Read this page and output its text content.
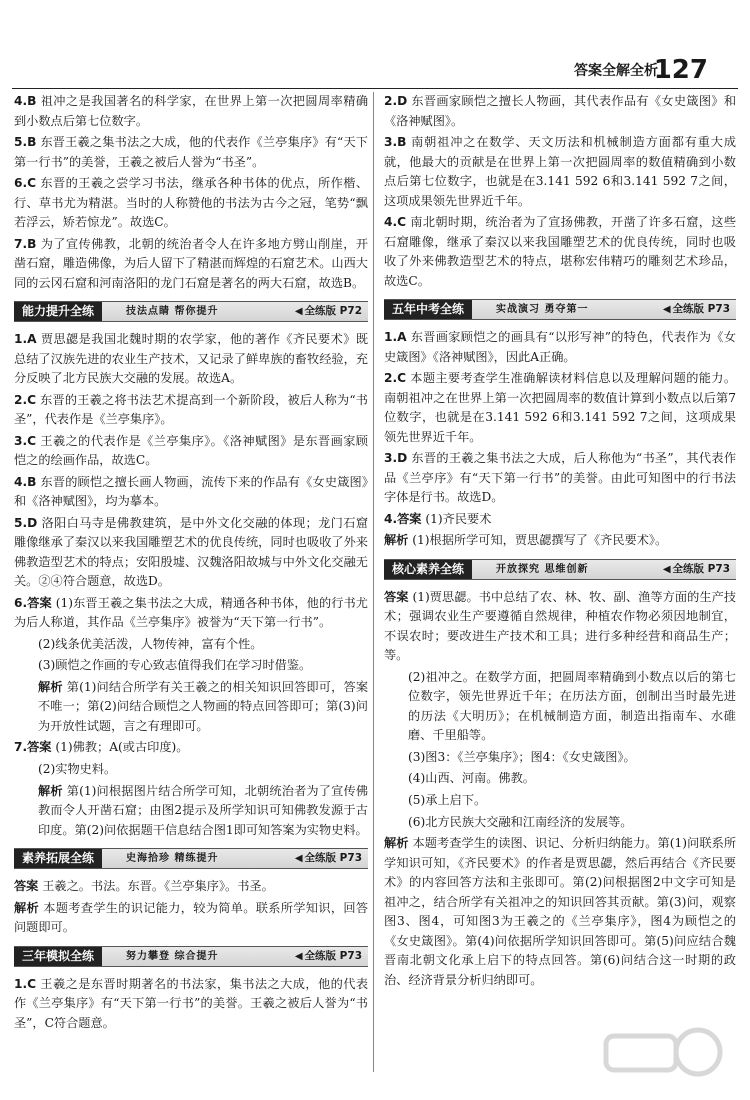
答案全解全析
127
4.B 祖冲之是我国著名的科学家，在世界上第一次把圆周率精确到小数点后第七位数字。
5.B 东晋王羲之集书法之大成，他的代表作《兰亭集序》有“天下第一行书”的美誉，王羲之被后人誉为“书圣”。
6.C 东晋的王羲之尝学习书法，继承各种书体的优点，所作楷、行、草书尤为精湛。当时的人称赞他的书法为古今之冠，笔势“飘若浮云，矫若惊龙”。故选C。
7.B 为了宣传佛教，北朝的统治者令人在许多地方劈山削崖，开凿石窟，雕造佛像，为后人留下了精湛而辉煌的石窟艺术。山西大同的云冈石窟和河南洛阳的龙门石窟是著名的两大石窟，故选B。
能力提升全练	技法点睛 帮你提升	◀ 全练版 P72
1.A 贾思勰是我国北魏时期的农学家，他的著作《齐民要术》既总结了汉族先进的农业生产技术，又记录了鲜卑族的畜牧经验，充分反映了北方民族大交融的发展。故选A。
2.C 东晋的王羲之将书法艺术提高到一个新阶段，被后人称为“书圣”，代表作是《兰亭集序》。
3.C 王羲之的代表作是《兰亭集序》。《洛神赋图》是东晋画家顾恺之的绘画作品，故选C。
4.B 东晋的顾恺之擅长画人物画，流传下来的作品有《女史箴图》和《洛神赋图》，均为摹本。
5.D 洛阳白马寺是佛教建筑，是中外文化交融的体现；龙门石窟雕像继承了秦汉以来我国雕塑艺术的优良传统，同时也吸收了外来佛教造型艺术的特点；安阳殷墟、汉魏洛阳故城与中外文化交融无关。②④符合题意，故选D。
6.答案 (1)东晋王羲之集书法之大成，精通各种书体，他的行书尤为后人称道，其作品《兰亭集序》被誉为“天下第一行书”。
(2)线条优美活泼，人物传神，富有个性。
(3)顾恺之作画的专心致志值得我们在学习时借鉴。
解析 第(1)问结合所学有关王羲之的相关知识回答即可，答案不唯一；第(2)问结合顾恺之人物画的特点回答即可；第(3)问为开放性试题，言之有理即可。
7.答案 (1)佛教；A(或古印度)。
(2)实物史料。
解析 第(1)问根据图片结合所学可知，北朝统治者为了宣传佛教而令人开凿石窟；由图2提示及所学知识可知佛教发源于古印度。第(2)问依据题干信息结合图1即可知答案为实物史料。
素养拓展全练	史海拾珍 精练提升	◀ 全练版 P73
答案 王羲之。书法。东晋。《兰亭集序》。书圣。
解析 本题考查学生的识记能力，较为简单。联系所学知识，回答问题即可。
三年模拟全练	努力攀登 综合提升	◀ 全练版 P73
1.C 王羲之是东晋时期著名的书法家，集书法之大成，他的代表作《兰亭集序》有“天下第一行书”的美誉。王羲之被后人誉为“书圣”，C符合题意。
2.D 东晋画家顾恺之擅长人物画，其代表作品有《女史箴图》和《洛神赋图》。
3.B 南朝祖冲之在数学、天文历法和机械制造方面都有重大成就，他最大的贡献是在世界上第一次把圆周率的数值精确到小数点后第七位数字，也就是在3.141 592 6和3.141 592 7之间，这项成果领先世界近千年。
4.C 南北朝时期，统治者为了宣扬佛教，开凿了许多石窟，这些石窟雕像，继承了秦汉以来我国雕塑艺术的优良传统，同时也吸收了外来佛教造型艺术的特点，堪称宏伟精巧的雕刻艺术珍品，故选C。
五年中考全练	实战演习 勇夺第一	◀ 全练版 P73
1.A 东晋画家顾恺之的画具有“以形写神”的特色，代表作为《女史箴图》《洛神赋图》，因此A正确。
2.C 本题主要考查学生准确解读材料信息以及理解问题的能力。南朝祖冲之在世界上第一次把圆周率的数值计算到小数点以后第7位数字，也就是在3.141 592 6和3.141 592 7之间，这项成果领先世界近千年。
3.D 东晋的王羲之集书法之大成，后人称他为“书圣”，其代表作品《兰亭序》有“天下第一行书”的美誉。由此可知图中的行书法字体是行书。故选D。
4.答案 (1)齐民要术
解析 (1)根据所学可知，贾思勰撰写了《齐民要术》。
核心素养全练	开放探究 思维创新	◀ 全练版 P73
答案 (1)贾思勰。书中总结了农、林、牧、副、渔等方面的生产技术；强调农业生产要遵循自然规律，种植农作物必须因地制宜，不误农时；要改进生产技术和工具；进行多种经营和商品生产；等。
(2)祖冲之。在数学方面，把圆周率精确到小数点以后的第七位数字，领先世界近千年；在历法方面，创制出当时最先进的历法《大明历》；在机械制造方面，制造出指南车、水碓磨、千里船等。
(3)图3：《兰亭集序》；图4：《女史箴图》。
(4)山西、河南。佛教。
(5)承上启下。
(6)北方民族大交融和江南经济的发展等。
解析 本题考查学生的读图、识记、分析归纳能力。第(1)问联系所学知识可知，《齐民要术》的作者是贾思勰，然后再结合《齐民要术》的内容回答方法和主张即可。第(2)问根据图2中文字可知是祖冲之，结合所学有关祖冲之的知识回答其贡献。第(3)问，观察图3、图4，可知图3为王羲之的《兰亭集序》，图4为顾恺之的《女史箴图》。第(4)问依据所学知识回答即可。第(5)问应结合魏晋南北朝文化承上启下的特点回答。第(6)问结合这一时期的政治、经济背景分析归纳即可。
